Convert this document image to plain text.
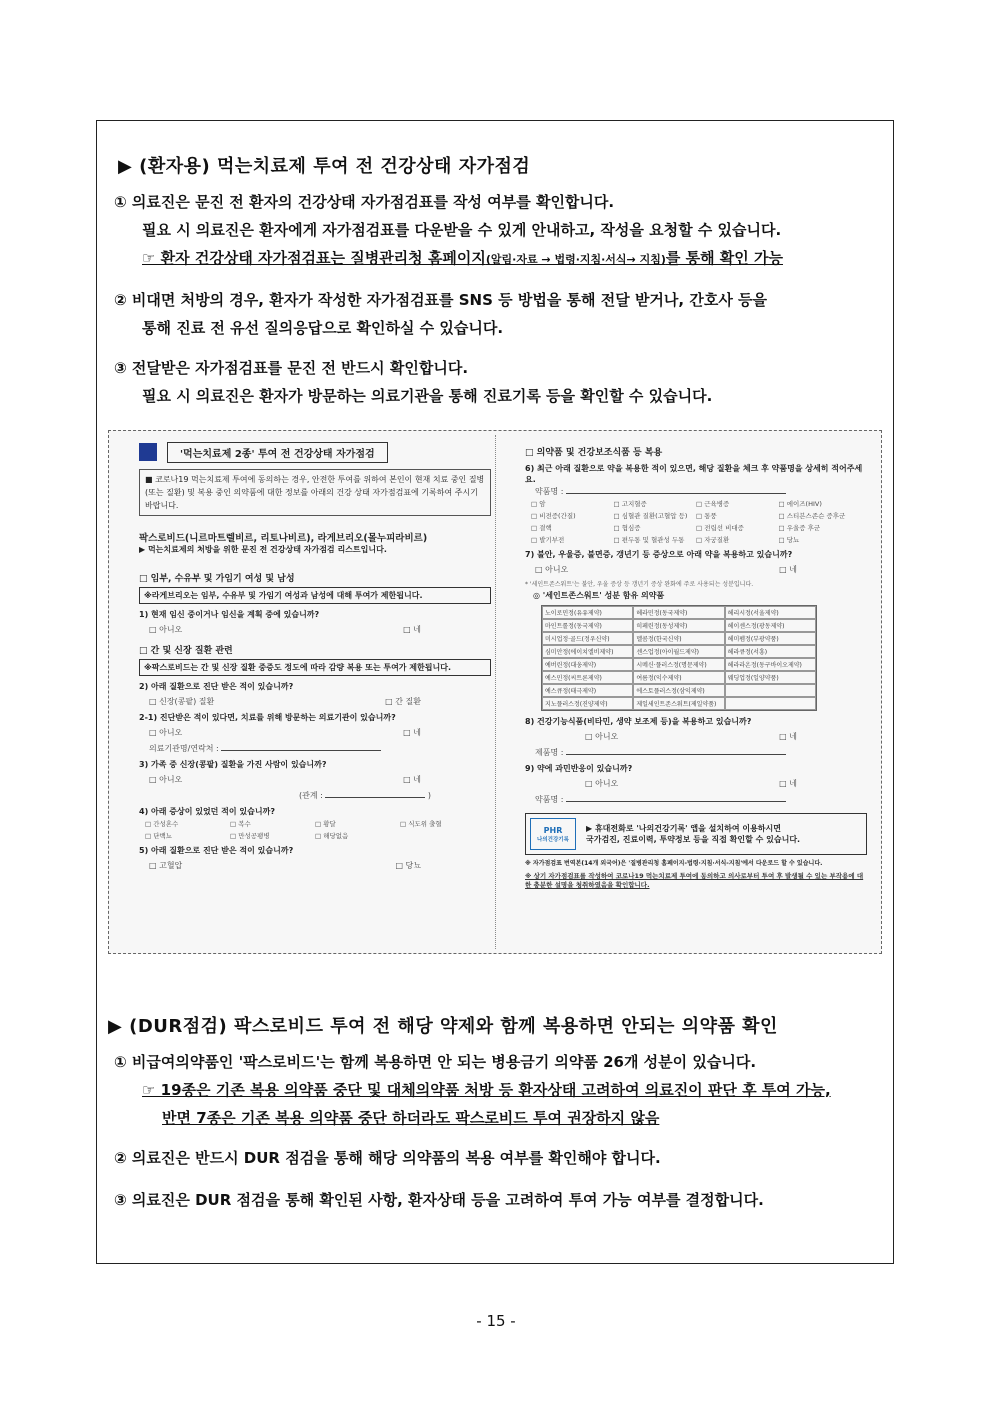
▶ (환자용) 먹는치료제 투여 전 건강상태 자가점검
① 의료진은 문진 전 환자의 건강상태 자가점검표를 작성 여부를 확인합니다.
필요 시 의료진은 환자에게 자가점검표를 다운받을 수 있게 안내하고, 작성을 요청할 수 있습니다.
☞ 환자 건강상태 자가점검표는 질병관리청 홈페이지(알림·자료 → 법령·지침·서식→ 지침)를 통해 확인 가능
② 비대면 처방의 경우, 환자가 작성한 자가점검표를 SNS 등 방법을 통해 전달 받거나, 간호사 등을
통해 진료 전 유선 질의응답으로 확인하실 수 있습니다.
③ 전달받은 자가점검표를 문진 전 반드시 확인합니다.
필요 시 의료진은 환자가 방문하는 의료기관을 통해 진료기록 등을 확인할 수 있습니다.
'먹는치료제 2종' 투여 전 건강상태 자가점검
■ 코로나19 먹는치료제 투여에 동의하는 경우, 안전한 투여를 위하여 본인이 현재 치료 중인 질병(또는 질환) 및 복용 중인 의약품에 대한 정보를 아래의 건강 상태 자가점검표에 기록하여 주시기 바랍니다.
팍스로비드(니르마트렐비르, 리토나비르), 라게브리오(몰누피라비르)
▶ 먹는치료제의 처방을 위한 문진 전 건강상태 자가점검 리스트입니다.
□ 임부, 수유부 및 가임기 여성 및 남성
※라게브리오는 임부, 수유부 및 가임기 여성과 남성에 대해 투여가 제한됩니다.
1) 현재 임신 중이거나 임신을 계획 중에 있습니까?
□ 아니오	□ 네
□ 간 및 신장 질환 관련
※팍스로비드는 간 및 신장 질환 중증도 정도에 따라 감량 복용 또는 투여가 제한됩니다.
2) 아래 질환으로 진단 받은 적이 있습니까?
□ 신장(콩팥) 질환	□ 간 질환
2-1) 진단받은 적이 있다면, 치료를 위해 방문하는 의료기관이 있습니까?
□ 아니오	□ 네
의료기관명/연락처 :
3) 가족 중 신장(콩팥) 질환을 가진 사람이 있습니까?
□ 아니오	□ 네
(관계 :	)
4) 아래 증상이 있었던 적이 있습니까?
□ 간성혼수	□ 복수	□ 황달	□ 식도위 출혈
□ 단백뇨	□ 만성공팽병	□ 해당없음
5) 아래 질환으로 진단 받은 적이 있습니까?
□ 고혈압	□ 당뇨
□ 의약품 및 건강보조식품 등 복용
6) 최근 아래 질환으로 약을 복용한 적이 있으면, 해당 질환을 체크 후 약품명을 상세히 적어주세요.
약품명 :
□ 암	□ 고지혈증	□ 근육병증	□ 에이즈(HIV)
□ 비전증(간질)	□ 심혈관 질환(고혈압 등)	□ 통풍	□ 스티븐스존슨 증후군
□ 결핵	□ 협심증	□ 전립선 비대증	□ 우울증 후군
□ 발기부전	□ 편두통 및 혈관성 두통	□ 자궁질환	□ 당뇨
7) 불안, 우울증, 불면증, 갱년기 등 증상으로 아래 약을 복용하고 있습니까?
□ 아니오	□ 네
* '세인트존스워트'는 불안, 우울 증상 등 갱년기 증상 완화에 주로 사용되는 성분입니다.
◎ '세인트존스워트' 성분 함유 의약품
노이로민정(유유제약)	헤라민정(동국제약)	헤리시정(서울제약)
마인트롤정(동국제약)	히페린정(동성제약)	헤이센스정(광동제약)
미시업정·골드(정우신약)	멜콤정(한국신약)	헤미펨정(부광약품)
심미안정(에이치엘비제약)	센스업정(아이월드제약)	헤라큐정(서흥)
예버린정(대웅제약)	시메신·플러스정(명문제약)	헤라라온정(동구바이오제약)
예스민정(씨트론제약)	여름정(익수제약)	웨딩업정(일양약품)
예스큐정(태극제약)	에스토플러스정(삼익제약)
지노플러스정(진양제약)	제일세인트존스워트(제일약품)
8) 건강기능식품(비타민, 생약 보조제 등)을 복용하고 있습니까?
□ 아니오	□ 네
제품명 :
9) 약에 과민반응이 있습니까?
□ 아니오	□ 네
약품명 :
PHR
나의건강기록
▶ 휴대전화로 '나의건강기록' 앱을 설치하여 이용하시면
국가검진, 진료이력, 투약정보 등을 직접 확인할 수 있습니다.
※ 자가점검표 번역본(14개 외국어)은 '질병관리청 홈페이지-법령·지침·서식-지침'에서 다운로드 할 수 있습니다.
※ 상기 자가점검표를 작성하여 코로나19 먹는치료제 투여에 동의하고 의사로부터 투여 후 발생될 수 있는 부작용에 대한 충분한 설명을 청취하였음을 확인합니다.
▶ (DUR점검) 팍스로비드 투여 전 해당 약제와 함께 복용하면 안되는 의약품 확인
① 비급여의약품인 '팍스로비드'는 함께 복용하면 안 되는 병용금기 의약품 26개 성분이 있습니다.
☞ 19종은 기존 복용 의약품 중단 및 대체의약품 처방 등 환자상태 고려하여 의료진이 판단 후 투여 가능,
반면 7종은 기존 복용 의약품 중단 하더라도 팍스로비드 투여 권장하지 않음
② 의료진은 반드시 DUR 점검을 통해 해당 의약품의 복용 여부를 확인해야 합니다.
③ 의료진은 DUR 점검을 통해 확인된 사항, 환자상태 등을 고려하여 투여 가능 여부를 결정합니다.
- 15 -
